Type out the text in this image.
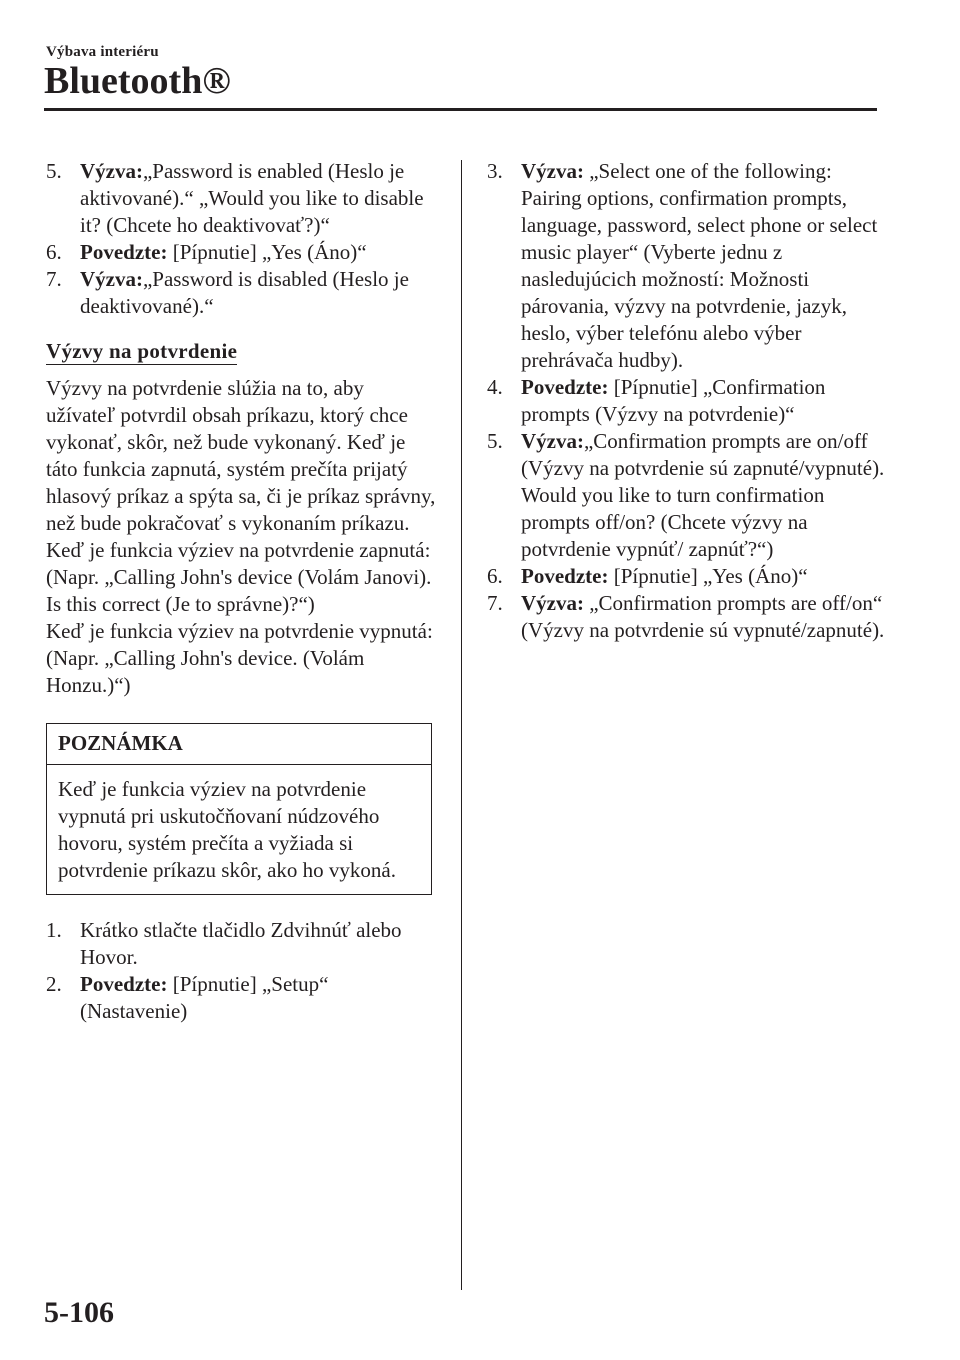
Výbava interiéru
Bluetooth®
5. Výzva:„Password is enabled (Heslo je aktivované).“ „Would you like to disable it? (Chcete ho deaktivovať?)“
6. Povedzte: [Pípnutie] „Yes (Áno)“
7. Výzva:„Password is disabled (Heslo je deaktivované).“
Výzvy na potvrdenie

Výzvy na potvrdenie slúžia na to, aby užívateľ potvrdil obsah príkazu, ktorý chce vykonať, skôr, než bude vykonaný. Keď je táto funkcia zapnutá, systém prečíta prijatý hlasový príkaz a spýta sa, či je príkaz správny, než bude pokračovať s vykonaním príkazu.

Keď je funkcia výziev na potvrdenie zapnutá:

(Napr. „Calling John's device (Volám Janovi). Is this correct (Je to správne)?“)

Keď je funkcia výziev na potvrdenie vypnutá:

(Napr. „Calling John's device. (Volám Honzu.)“)

POZNÁMKA
Keď je funkcia výziev na potvrdenie vypnutá pri uskutočňovaní núdzového hovoru, systém prečíta a vyžiada si potvrdenie príkazu skôr, ako ho vykoná.
1. Krátko stlačte tlačidlo Zdvihnúť alebo Hovor.
2. Povedzte: [Pípnutie] „Setup“ (Nastavenie)
3. Výzva: „Select one of the following: Pairing options, confirmation prompts, language, password, select phone or select music player“ (Vyberte jednu z nasledujúcich možností: Možnosti párovania, výzvy na potvrdenie, jazyk, heslo, výber telefónu alebo výber prehrávača hudby).
4. Povedzte: [Pípnutie] „Confirmation prompts (Výzvy na potvrdenie)“
5. Výzva:„Confirmation prompts are on/off (Výzvy na potvrdenie sú zapnuté/vypnuté). Would you like to turn confirmation prompts off/on? (Chcete výzvy na potvrdenie vypnúť/ zapnúť?“)
6. Povedzte: [Pípnutie] „Yes (Áno)“
7. Výzva: „Confirmation prompts are off/on“ (Výzvy na potvrdenie sú vypnuté/zapnuté).
5-106
